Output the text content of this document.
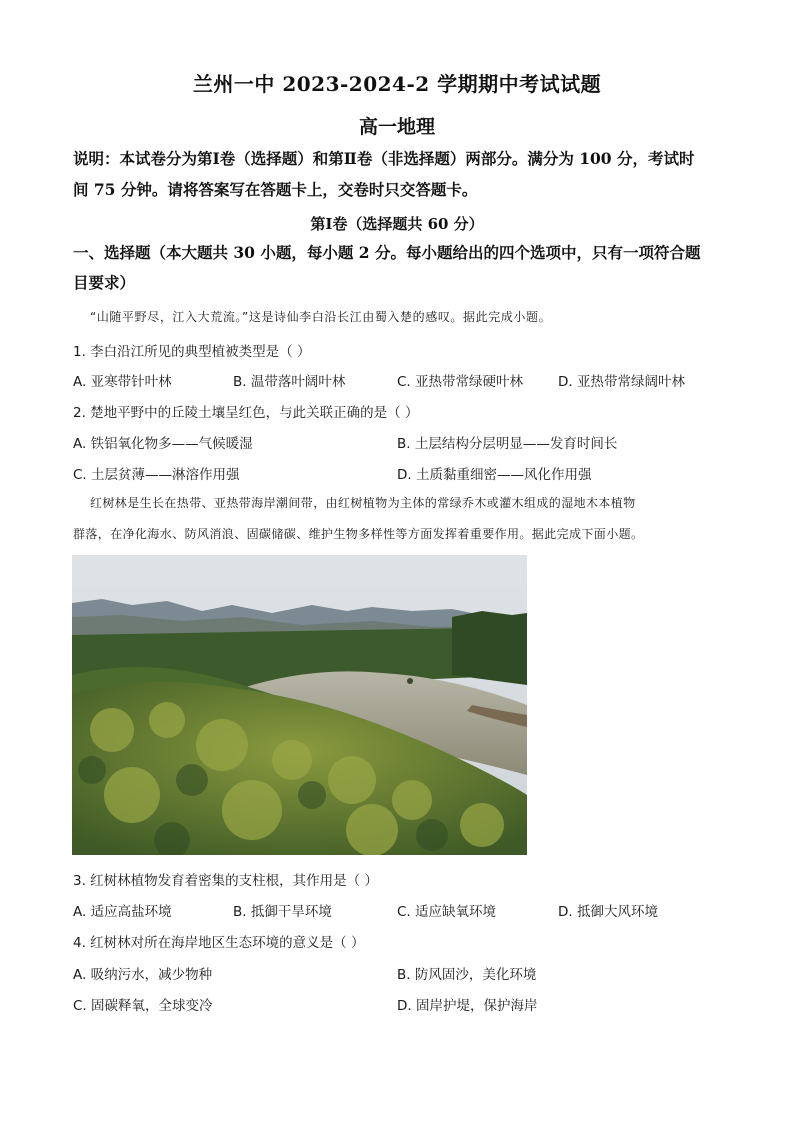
兰州一中 2023-2024-2 学期期中考试试题
高一地理
说明：本试卷分为第Ⅰ卷（选择题）和第Ⅱ卷（非选择题）两部分。满分为 100 分，考试时
间 75 分钟。请将答案写在答题卡上，交卷时只交答题卡。
第Ⅰ卷（选择题共 60 分）
一、选择题（本大题共 30 小题，每小题 2 分。每小题给出的四个选项中，只有一项符合题
目要求）
“山随平野尽，江入大荒流。”这是诗仙李白沿长江由蜀入楚的感叹。据此完成小题。
1. 李白沿江所见的典型植被类型是（ ）
A. 亚寒带针叶林	B. 温带落叶阔叶林	C. 亚热带常绿硬叶林	D. 亚热带常绿阔叶林
2. 楚地平野中的丘陵土壤呈红色，与此关联正确的是（ ）
A. 铁铝氧化物多——气候暖湿	B. 土层结构分层明显——发育时间长
C. 土层贫薄——淋溶作用强	D. 土质黏重细密——风化作用强
红树林是生长在热带、亚热带海岸潮间带，由红树植物为主体的常绿乔木或灌木组成的湿地木本植物
群落，在净化海水、防风消浪、固碳储碳、维护生物多样性等方面发挥着重要作用。据此完成下面小题。
3. 红树林植物发育着密集的支柱根，其作用是（ ）
A. 适应高盐环境	B. 抵御干旱环境	C. 适应缺氧环境	D. 抵御大风环境
4. 红树林对所在海岸地区生态环境的意义是（ ）
A. 吸纳污水，减少物种	B. 防风固沙，美化环境
C. 固碳释氧，全球变冷	D. 固岸护堤，保护海岸
